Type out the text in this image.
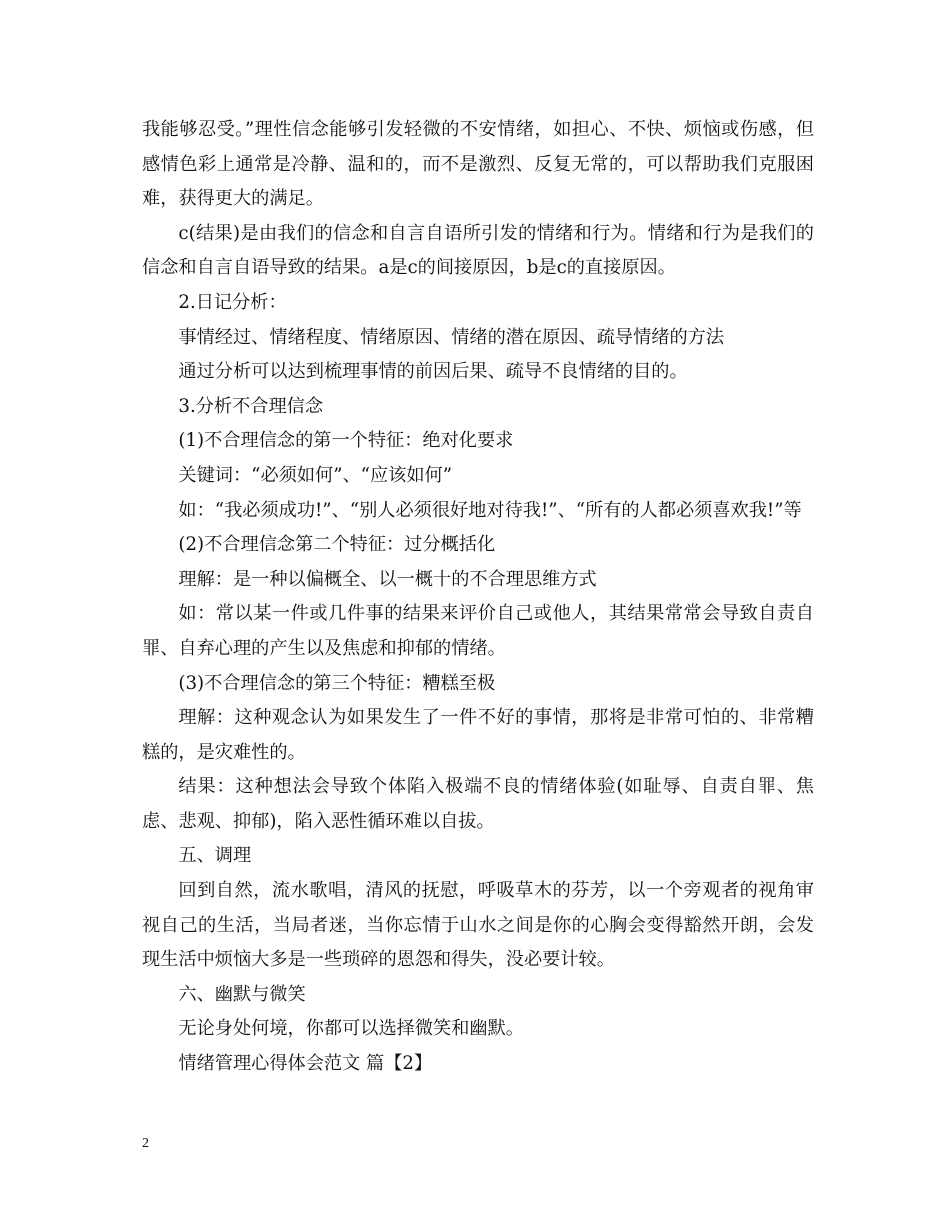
我能够忍受。”理性信念能够引发轻微的不安情绪，如担心、不快、烦恼或伤感，但感情色彩上通常是冷静、温和的，而不是激烈、反复无常的，可以帮助我们克服困难，获得更大的满足。

c(结果)是由我们的信念和自言自语所引发的情绪和行为。情绪和行为是我们的信念和自言自语导致的结果。a是c的间接原因，b是c的直接原因。

2.日记分析：

事情经过、情绪程度、情绪原因、情绪的潜在原因、疏导情绪的方法

通过分析可以达到梳理事情的前因后果、疏导不良情绪的目的。

3.分析不合理信念

(1)不合理信念的第一个特征：绝对化要求

关键词：“必须如何”、“应该如何”

如：“我必须成功!”、“别人必须很好地对待我!”、“所有的人都必须喜欢我!”等

(2)不合理信念第二个特征：过分概括化

理解：是一种以偏概全、以一概十的不合理思维方式

如：常以某一件或几件事的结果来评价自己或他人，其结果常常会导致自责自罪、自弃心理的产生以及焦虑和抑郁的情绪。

(3)不合理信念的第三个特征：糟糕至极

理解：这种观念认为如果发生了一件不好的事情，那将是非常可怕的、非常糟糕的，是灾难性的。

结果：这种想法会导致个体陷入极端不良的情绪体验(如耻辱、自责自罪、焦虑、悲观、抑郁)，陷入恶性循环难以自拔。

五、调理

回到自然，流水歌唱，清风的抚慰，呼吸草木的芬芳，以一个旁观者的视角审视自己的生活，当局者迷，当你忘情于山水之间是你的心胸会变得豁然开朗，会发现生活中烦恼大多是一些琐碎的恩怨和得失，没必要计较。

六、幽默与微笑

无论身处何境，你都可以选择微笑和幽默。

情绪管理心得体会范文 篇【2】

2
